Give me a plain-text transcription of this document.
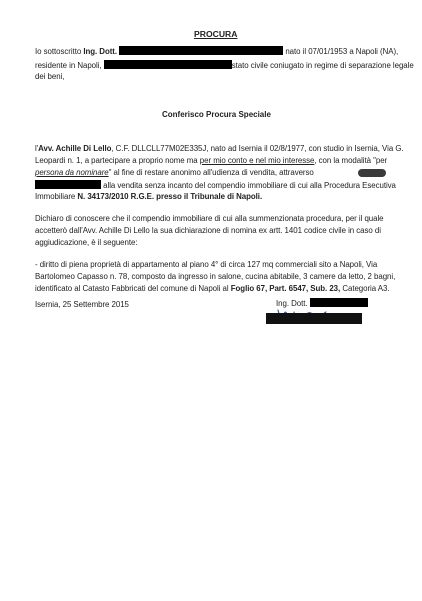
PROCURA
Io sottoscritto Ing. Dott.	nato il 07/01/1953 a Napoli (NA),
residente in Napoli,	stato civile coniugato in regime di separazione legale
dei beni,
Conferisco Procura Speciale
l'Avv. Achille Di Lello, C.F. DLLCLL77M02E335J, nato ad Isernia il 02/8/1977, con studio in Isernia, Via G.
Leopardi n. 1, a partecipare a proprio nome ma per mio conto e nel mio interesse, con la modalità "per
persona da nominare" al fine di restare anonimo all'udienza di vendita, attraverso
alla vendita senza incanto del compendio immobiliare di cui alla Procedura Esecutiva
Immobiliare N. 34173/2010 R.G.E. presso il Tribunale di Napoli.
Dichiaro di conoscere che il compendio immobiliare di cui alla summenzionata procedura, per il quale
accetterò dall'Avv. Achille Di Lello la sua dichiarazione di nomina ex artt. 1401 codice civile in caso di
aggiudicazione, è il seguente:
- diritto di piena proprietà di appartamento al piano 4° di circa 127 mq commerciali sito a Napoli, Via
Bartolomeo Capasso n. 78, composto da ingresso in salone, cucina abitabile, 3 camere da letto, 2 bagni,
identificato al Catasto Fabbricati del comune di Napoli al Foglio 67, Part. 6547, Sub. 23, Categoria A3.
Isernia, 25 Settembre 2015	Ing. Dott.
